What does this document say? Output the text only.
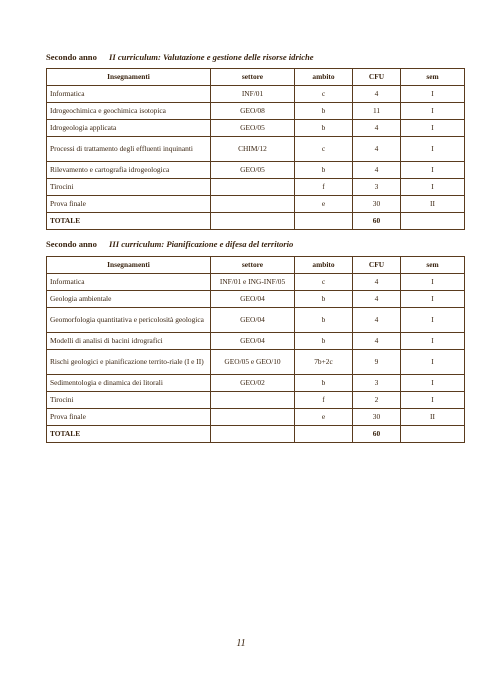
Secondo anno II curriculum: Valutazione e gestione delle risorse idriche
Insegnamenti	settore	ambito	CFU	sem
Informatica	INF/01	c	4	I
Idrogeochimica e geochimica isotopica	GEO/08	b	11	I
Idrogeologia applicata	GEO/05	b	4	I
Processi di trattamento degli effluenti inquinanti	CHIM/12	c	4	I
Rilevamento e cartografia idrogeologica	GEO/05	b	4	I
Tirocini		f	3	I
Prova finale		e	30	II
TOTALE			60	
Secondo anno III curriculum: Pianificazione e difesa del territorio
Insegnamenti	settore	ambito	CFU	sem
Informatica	INF/01 e ING-INF/05	c	4	I
Geologia ambientale	GEO/04	b	4	I
Geomorfologia quantitativa e pericolosità geologica	GEO/04	b	4	I
Modelli di analisi di bacini idrografici	GEO/04	b	4	I
Rischi geologici e pianificazione territo-riale (I e II)	GEO/05 e GEO/10	7b+2c	9	I
Sedimentologia e dinamica dei litorali	GEO/02	b	3	I
Tirocini		f	2	I
Prova finale		e	30	II
TOTALE			60	
11
